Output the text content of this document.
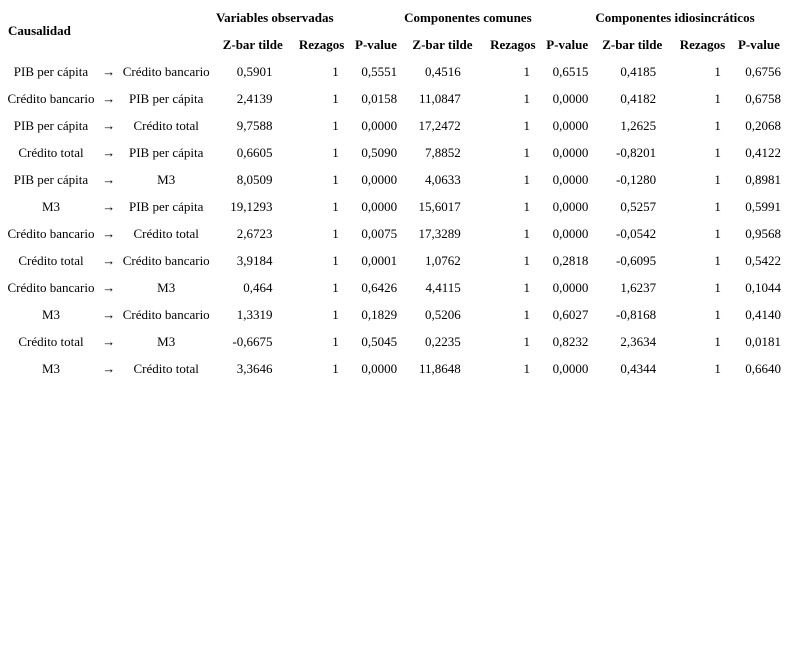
Causalidad			Variables observadas			Componentes comunes			Componentes idiosincráticos		
			Z-bar tilde	Rezagos	P-value	Z-bar tilde	Rezagos	P-value	Z-bar tilde	Rezagos	P-value
PIB per cápita	→	Crédito bancario	0,5901	1	0,5551	0,4516	1	0,6515	0,4185	1	0,6756
Crédito bancario	→	PIB per cápita	2,4139	1	0,0158	11,0847	1	0,0000	0,4182	1	0,6758
PIB per cápita	→	Crédito total	9,7588	1	0,0000	17,2472	1	0,0000	1,2625	1	0,2068
Crédito total	→	PIB per cápita	0,6605	1	0,5090	7,8852	1	0,0000	-0,8201	1	0,4122
PIB per cápita	→	M3	8,0509	1	0,0000	4,0633	1	0,0000	-0,1280	1	0,8981
M3	→	PIB per cápita	19,1293	1	0,0000	15,6017	1	0,0000	0,5257	1	0,5991
Crédito bancario	→	Crédito total	2,6723	1	0,0075	17,3289	1	0,0000	-0,0542	1	0,9568
Crédito total	→	Crédito bancario	3,9184	1	0,0001	1,0762	1	0,2818	-0,6095	1	0,5422
Crédito bancario	→	M3	0,464	1	0,6426	4,4115	1	0,0000	1,6237	1	0,1044
M3	→	Crédito bancario	1,3319	1	0,1829	0,5206	1	0,6027	-0,8168	1	0,4140
Crédito total	→	M3	-0,6675	1	0,5045	0,2235	1	0,8232	2,3634	1	0,0181
M3	→	Crédito total	3,3646	1	0,0000	11,8648	1	0,0000	0,4344	1	0,6640
